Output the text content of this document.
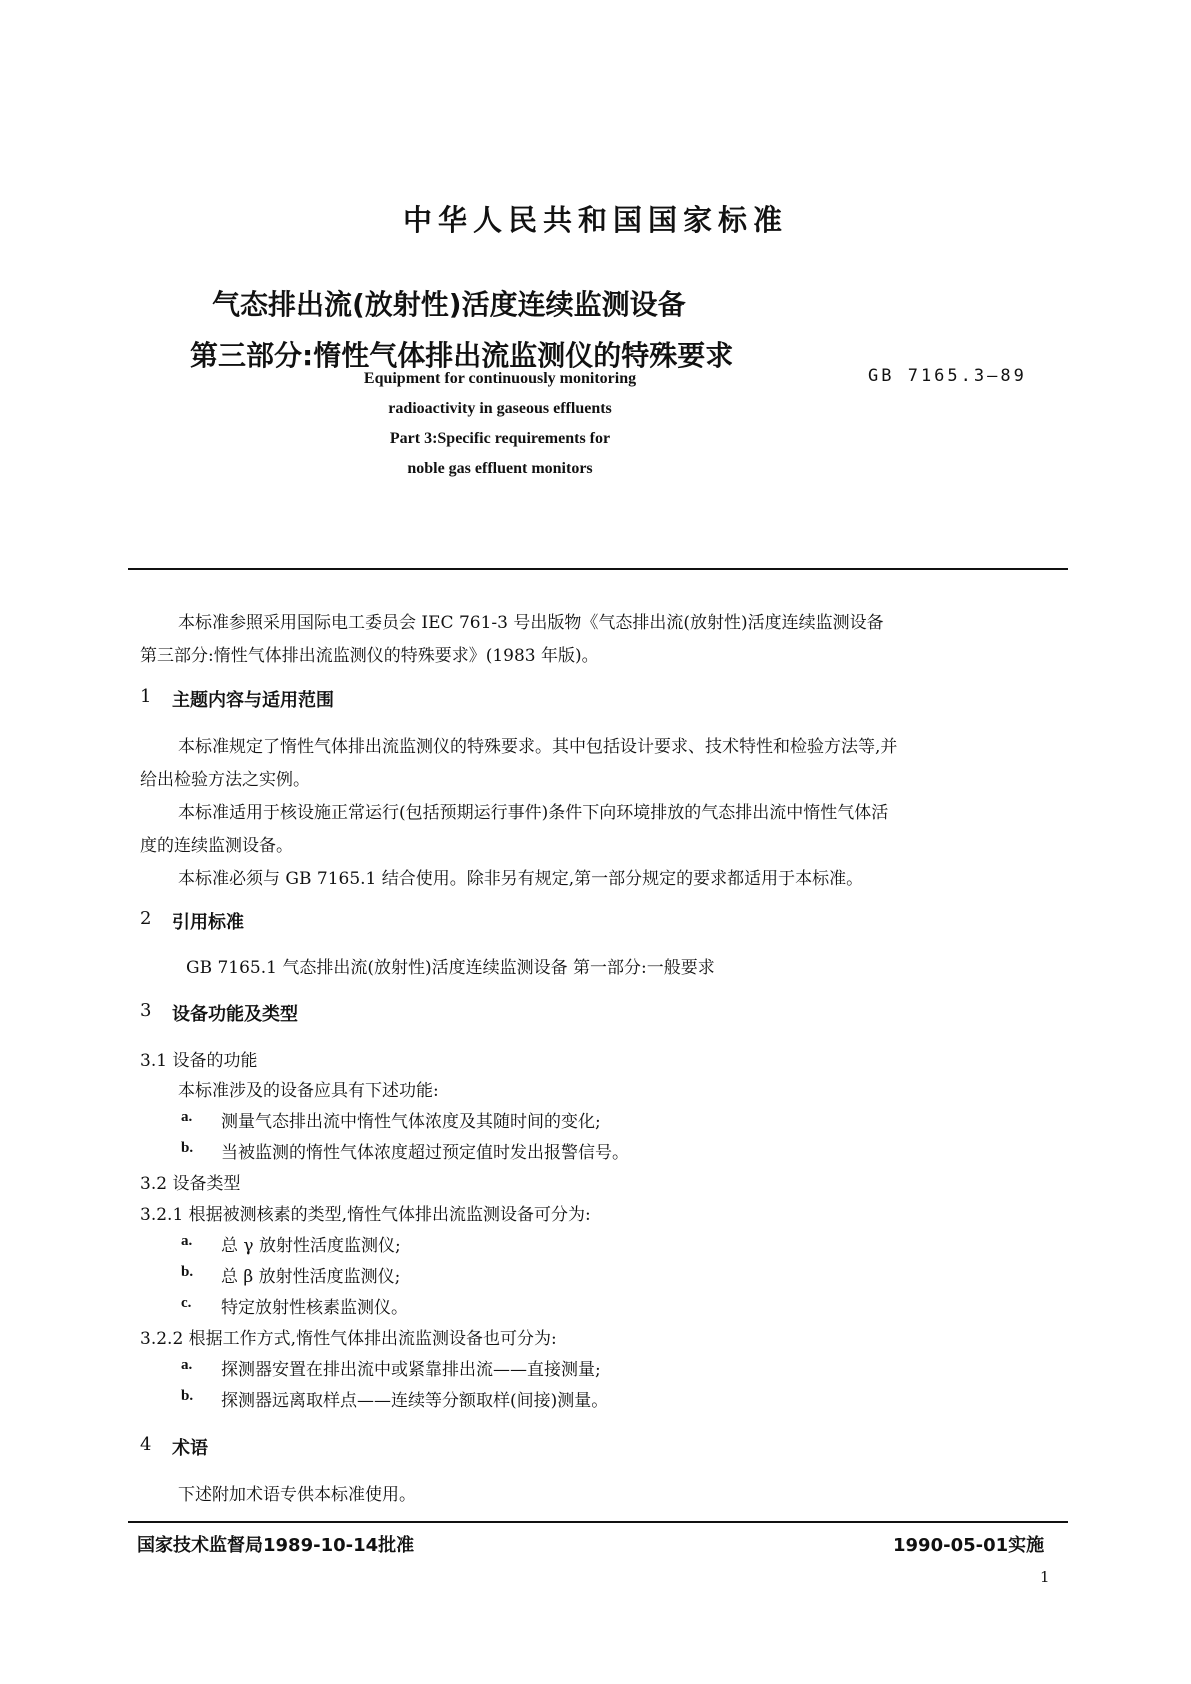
中华人民共和国国家标准
气态排出流(放射性)活度连续监测设备
第三部分:惰性气体排出流监测仪的特殊要求
GB 7165.3—89
Equipment for continuously monitoring
radioactivity in gaseous effluents
Part 3:Specific requirements for
noble gas effluent monitors
本标准参照采用国际电工委员会 IEC 761-3 号出版物《气态排出流(放射性)活度连续监测设备
第三部分:惰性气体排出流监测仪的特殊要求》(1983 年版)。
1 主题内容与适用范围
本标准规定了惰性气体排出流监测仪的特殊要求。其中包括设计要求、技术特性和检验方法等,并
给出检验方法之实例。
本标准适用于核设施正常运行(包括预期运行事件)条件下向环境排放的气态排出流中惰性气体活
度的连续监测设备。
本标准必须与 GB 7165.1 结合使用。除非另有规定,第一部分规定的要求都适用于本标准。
2 引用标准
GB 7165.1 气态排出流(放射性)活度连续监测设备 第一部分:一般要求
3 设备功能及类型
3.1 设备的功能
本标准涉及的设备应具有下述功能:
a. 测量气态排出流中惰性气体浓度及其随时间的变化;
b. 当被监测的惰性气体浓度超过预定值时发出报警信号。
3.2 设备类型
3.2.1 根据被测核素的类型,惰性气体排出流监测设备可分为:
a. 总 γ 放射性活度监测仪;
b. 总 β 放射性活度监测仪;
c. 特定放射性核素监测仪。
3.2.2 根据工作方式,惰性气体排出流监测设备也可分为:
a. 探测器安置在排出流中或紧靠排出流——直接测量;
b. 探测器远离取样点——连续等分额取样(间接)测量。
4 术语
下述附加术语专供本标准使用。
国家技术监督局1989-10-14批准	1990-05-01实施
1
